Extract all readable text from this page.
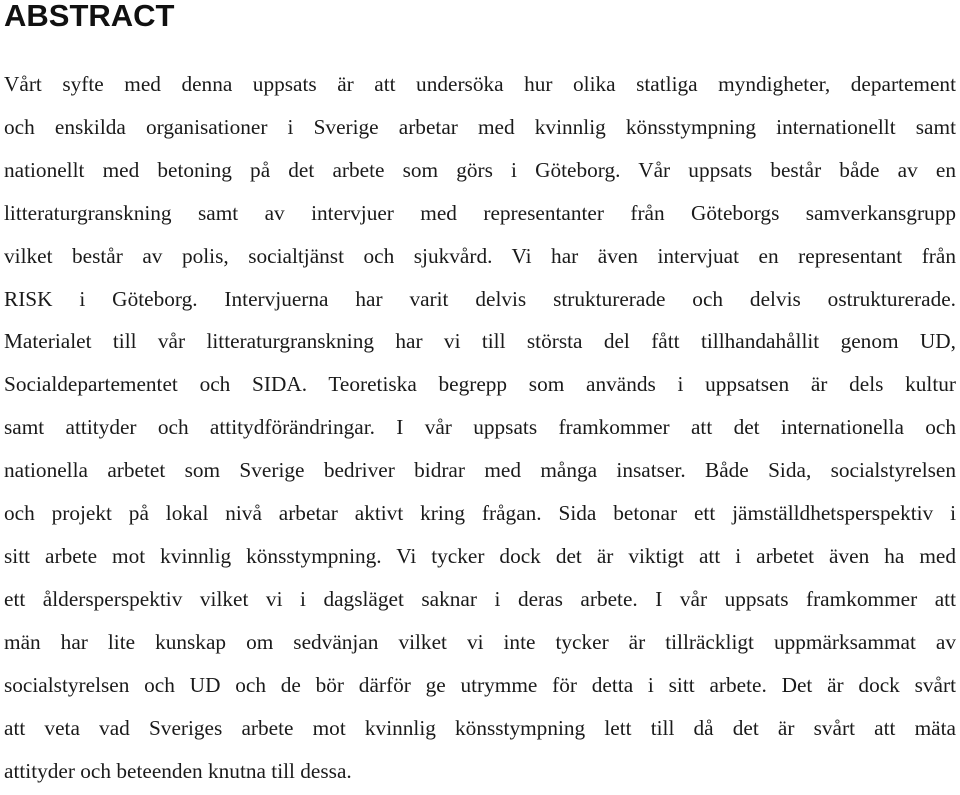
ABSTRACT
Vårt syfte med denna uppsats är att undersöka hur olika statliga myndigheter, departement
och enskilda organisationer i Sverige arbetar med kvinnlig könsstympning internationellt samt
nationellt med betoning på det arbete som görs i Göteborg. Vår uppsats består både av en
litteraturgranskning samt av intervjuer med representanter från Göteborgs samverkansgrupp
vilket består av polis, socialtjänst och sjukvård. Vi har även intervjuat en representant från
RISK i Göteborg. Intervjuerna har varit delvis strukturerade och delvis ostrukturerade.
Materialet till vår litteraturgranskning har vi till största del fått tillhandahållit genom UD,
Socialdepartementet och SIDA. Teoretiska begrepp som används i uppsatsen är dels kultur
samt attityder och attitydförändringar. I vår uppsats framkommer att det internationella och
nationella arbetet som Sverige bedriver bidrar med många insatser. Både Sida, socialstyrelsen
och projekt på lokal nivå arbetar aktivt kring frågan. Sida betonar ett jämställdhetsperspektiv i
sitt arbete mot kvinnlig könsstympning. Vi tycker dock det är viktigt att i arbetet även ha med
ett åldersperspektiv vilket vi i dagsläget saknar i deras arbete. I vår uppsats framkommer att
män har lite kunskap om sedvänjan vilket vi inte tycker är tillräckligt uppmärksammat av
socialstyrelsen och UD och de bör därför ge utrymme för detta i sitt arbete. Det är dock svårt
att veta vad Sveriges arbete mot kvinnlig könsstympning lett till då det är svårt att mäta
attityder och beteenden knutna till dessa.
